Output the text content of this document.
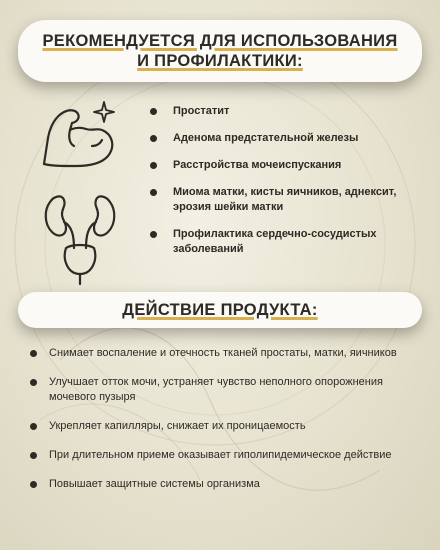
РЕКОМЕНДУЕТСЯ ДЛЯ ИСПОЛЬЗОВАНИЯ
И ПРОФИЛАКТИКИ:
Простатит
Аденома предстательной железы
Расстройства мочеиспускания
Миома матки, кисты яичников, аднексит, эрозия шейки матки
Профилактика сердечно-сосудистых заболеваний
ДЕЙСТВИЕ ПРОДУКТА:
Снимает воспаление и отечность тканей простаты, матки, яичников
Улучшает отток мочи, устраняет чувство неполного опорожнения мочевого пузыря
Укрепляет капилляры, снижает их проницаемость
При длительном приеме оказывает гиполипидемическое действие
Повышает защитные системы организма
